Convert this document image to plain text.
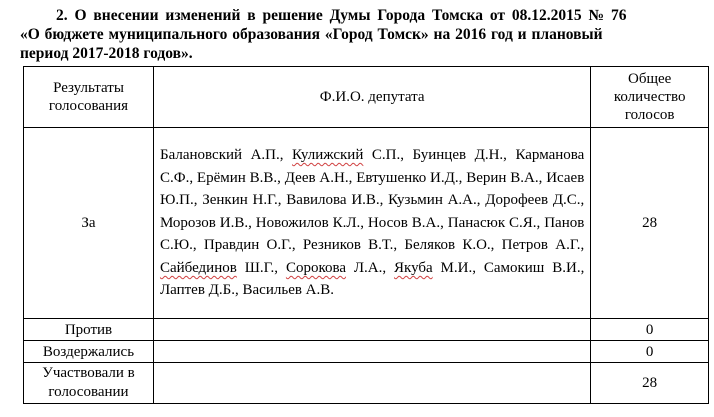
2. О внесении изменений в решение Думы Города Томска от 08.12.2015 № 76
«О бюджете муниципального образования «Город Томск» на 2016 год и плановый
период 2017-2018 годов».
Результаты голосования	Ф.И.О. депутата	Общее количество голосов
За	Балановский А.П., Кулижский С.П., Буинцев Д.Н., Карманова С.Ф., Ерёмин В.В., Деев А.Н., Евтушенко И.Д., Верин В.А., Исаев Ю.П., Зенкин Н.Г., Вавилова И.В., Кузьмин А.А., Дорофеев Д.С., Морозов И.В., Новожилов К.Л., Носов В.А., Панасюк С.Я., Панов С.Ю., Правдин О.Г., Резников В.Т., Беляков К.О., Петров А.Г., Сайбединов Ш.Г., Сорокова Л.А., Якуба М.И., Самокиш В.И., Лаптев Д.Б., Васильев А.В.	28
Против		0
Воздержались		0
Участвовали в голосовании		28
